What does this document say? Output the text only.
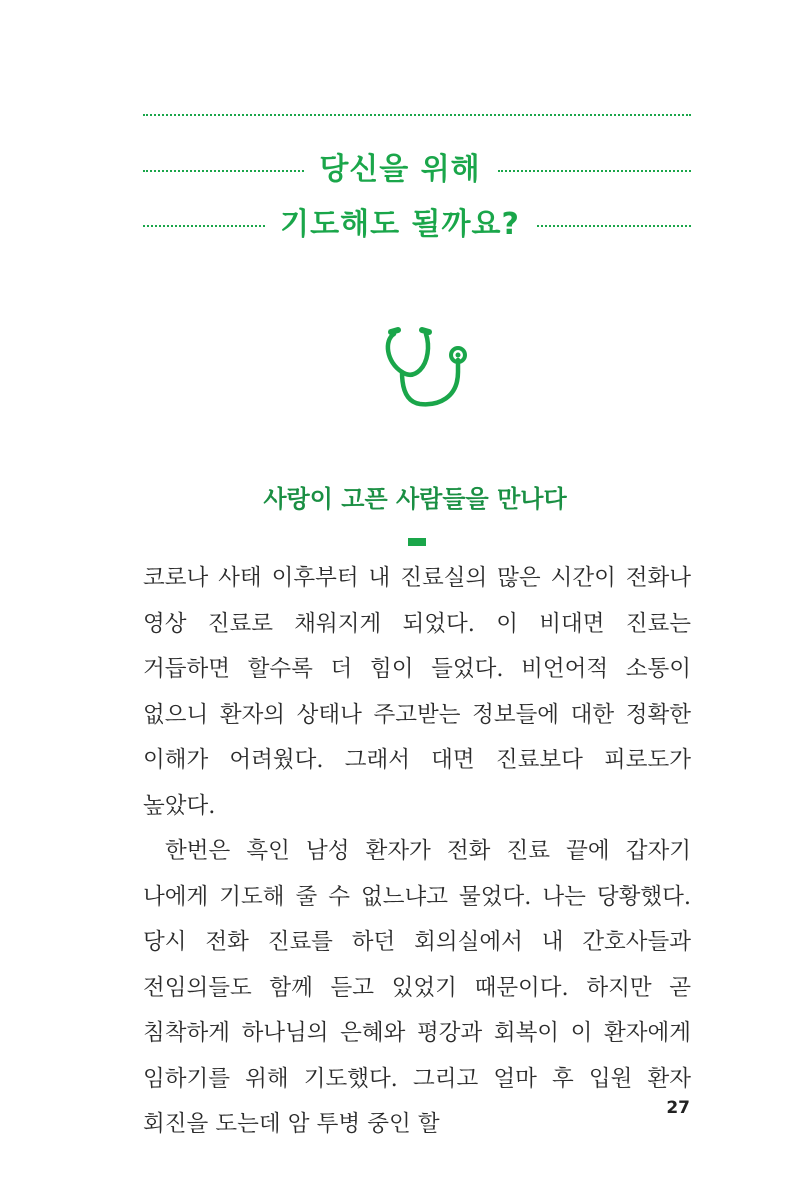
당신을 위해
기도해도 될까요?
사랑이 고픈 사람들을 만나다

코로나 사태 이후부터 내 진료실의 많은 시간이 전화나 영상 진료로 채워지게 되었다. 이 비대면 진료는 거듭하면 할수록 더 힘이 들었다. 비언어적 소통이 없으니 환자의 상태나 주고받는 정보들에 대한 정확한 이해가 어려웠다. 그래서 대면 진료보다 피로도가 높았다.

한번은 흑인 남성 환자가 전화 진료 끝에 갑자기 나에게 기도해 줄 수 없느냐고 물었다. 나는 당황했다. 당시 전화 진료를 하던 회의실에서 내 간호사들과 전임의들도 함께 듣고 있었기 때문이다. 하지만 곧 침착하게 하나님의 은혜와 평강과 회복이 이 환자에게 임하기를 위해 기도했다. 그리고 얼마 후 입원 환자 회진을 도는데 암 투병 중인 할

27
